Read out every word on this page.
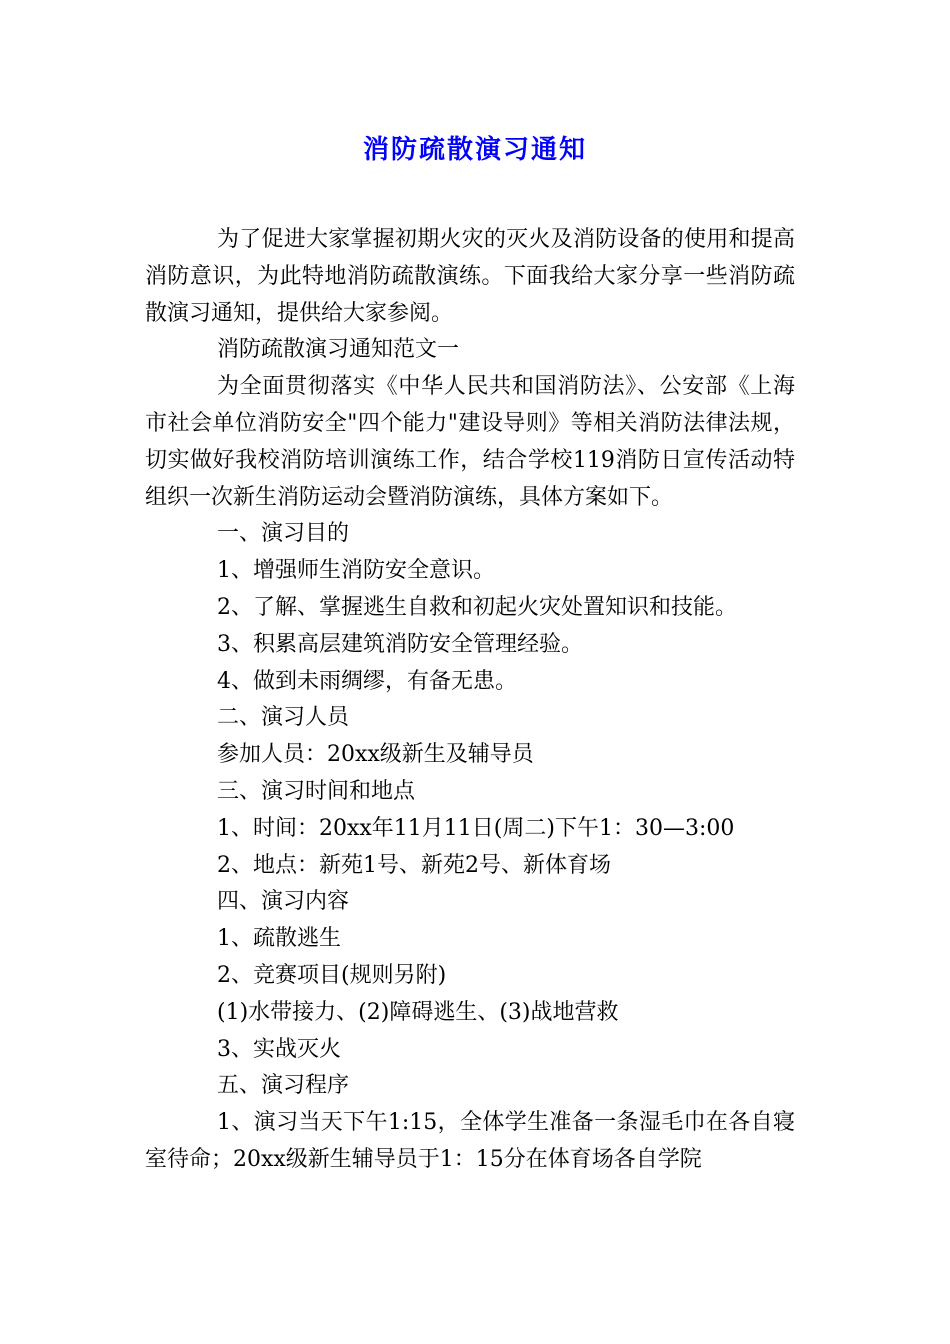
消防疏散演习通知

为了促进大家掌握初期火灾的灭火及消防设备的使用和提高消防意识，为此特地消防疏散演练。下面我给大家分享一些消防疏散演习通知，提供给大家参阅。

消防疏散演习通知范文一

为全面贯彻落实《中华人民共和国消防法》、公安部《上海市社会单位消防安全"四个能力"建设导则》等相关消防法律法规，切实做好我校消防培训演练工作，结合学校119消防日宣传活动特组织一次新生消防运动会暨消防演练，具体方案如下。

一、演习目的

1、增强师生消防安全意识。

2、了解、掌握逃生自救和初起火灾处置知识和技能。

3、积累高层建筑消防安全管理经验。

4、做到未雨绸缪，有备无患。

二、演习人员

参加人员：20xx级新生及辅导员

三、演习时间和地点

1、时间：20xx年11月11日(周二)下午1：30—3:00

2、地点：新苑1号、新苑2号、新体育场

四、演习内容

1、疏散逃生

2、竞赛项目(规则另附)

(1)水带接力、(2)障碍逃生、(3)战地营救

3、实战灭火

五、演习程序

1、演习当天下午1:15，全体学生准备一条湿毛巾在各自寝室待命；20xx级新生辅导员于1：15分在体育场各自学院
